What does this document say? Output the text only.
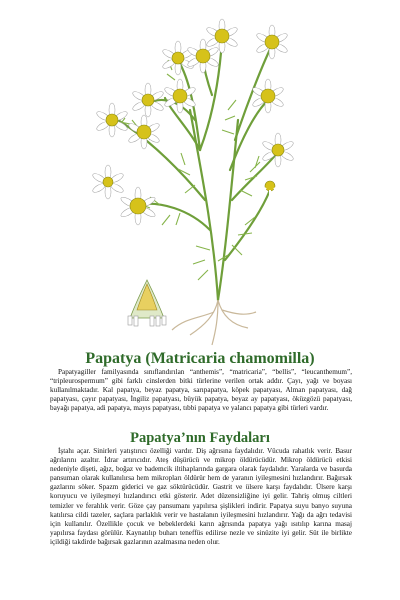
Papatya (Matricaria chamomilla)

Papatyagiller familyasında sınıflandırılan “anthemis”, “matricaria”, “bellis”, “leucanthemum”, “tripleurospermum” gibi farklı cinslerden bitki türlerine verilen ortak addır. Çayı, yağı ve boyası kullanılmaktadır. Kal papatya, beyaz papatya, sarıpapatya, köpek papatyası, Alman papatyası, dağ papatyası, çayır papatyası, İngiliz papatyası, büyük papatya, beyaz ay papatyası, öküzgözü papatyası, bayağı papatya, adi papatya, mayıs papatyası, tıbbi papatya ve yalancı papatya gibi türleri vardır.

Papatya’nın Faydaları

İştahı açar. Sinirleri yatıştırıcı özelliği vardır. Diş ağrısına faydalıdır. Vücuda rahatlık verir. Basur ağrılarını azaltır. İdrar artırıcıdır. Ateş düşürücü ve mikrop öldürücüdür. Mikrop öldürücü etkisi nedeniyle dişeti, ağız, boğaz ve bademcik iltihaplarında gargara olarak faydalıdır. Yaralarda ve basurda pansuman olarak kullanılırsa hem mikropları öldürür hem de yaranın iyileşmesini hızlandırır. Bağırsak gazlarını söker. Spazm giderici ve gaz söktürücüdür. Gastrit ve ülsere karşı faydalıdır. Ülsere karşı koruyucu ve iyileşmeyi hızlandırıcı etki gösterir. Adet düzensizliğine iyi gelir. Tahriş olmuş ciltleri temizler ve ferahlık verir. Göze çay pansumanı yapılırsa şişlikleri indirir. Papatya suyu banyo suyuna katılırsa cildi tazeler, saçlara parlaklık verir ve hastalanın iyileşmesini hızlandırır. Yağı da ağrı tedavisi için kullanılır. Özellikle çocuk ve bebeklerdeki karın ağrısında papatya yağı ısıtılıp karına masaj yapılırsa faydası görülür. Kaynatılıp buharı teneffüs edilirse nezle ve sinüzite iyi gelir. Süt ile birlikte içildiği takdirde bağırsak gazlarının azalmasına neden olur.
